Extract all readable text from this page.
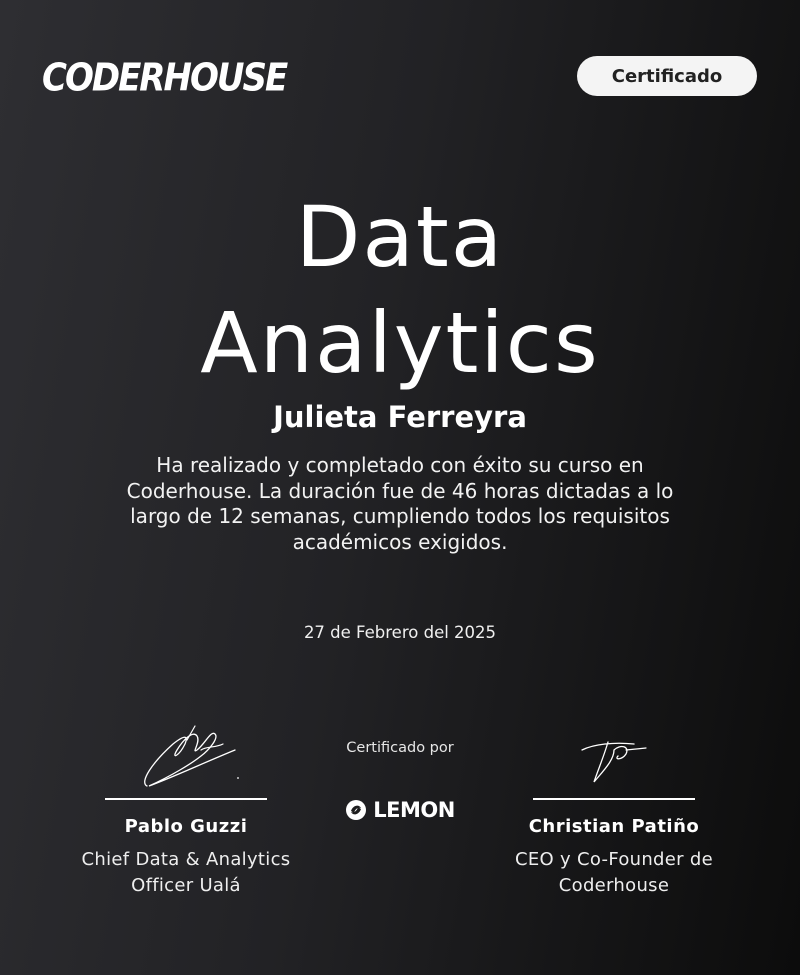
CODERHOUSE	Certificado
Data
Analytics
Julieta Ferreyra
Ha realizado y completado con éxito su curso en Coderhouse. La duración fue de 46 horas dictadas a lo largo de 12 semanas, cumpliendo todos los requisitos académicos exigidos.
27 de Febrero del 2025
Pablo Guzzi
Chief Data & Analytics Officer Ualá
Certificado por
LEMON
Christian Patiño
CEO y Co-Founder de Coderhouse
